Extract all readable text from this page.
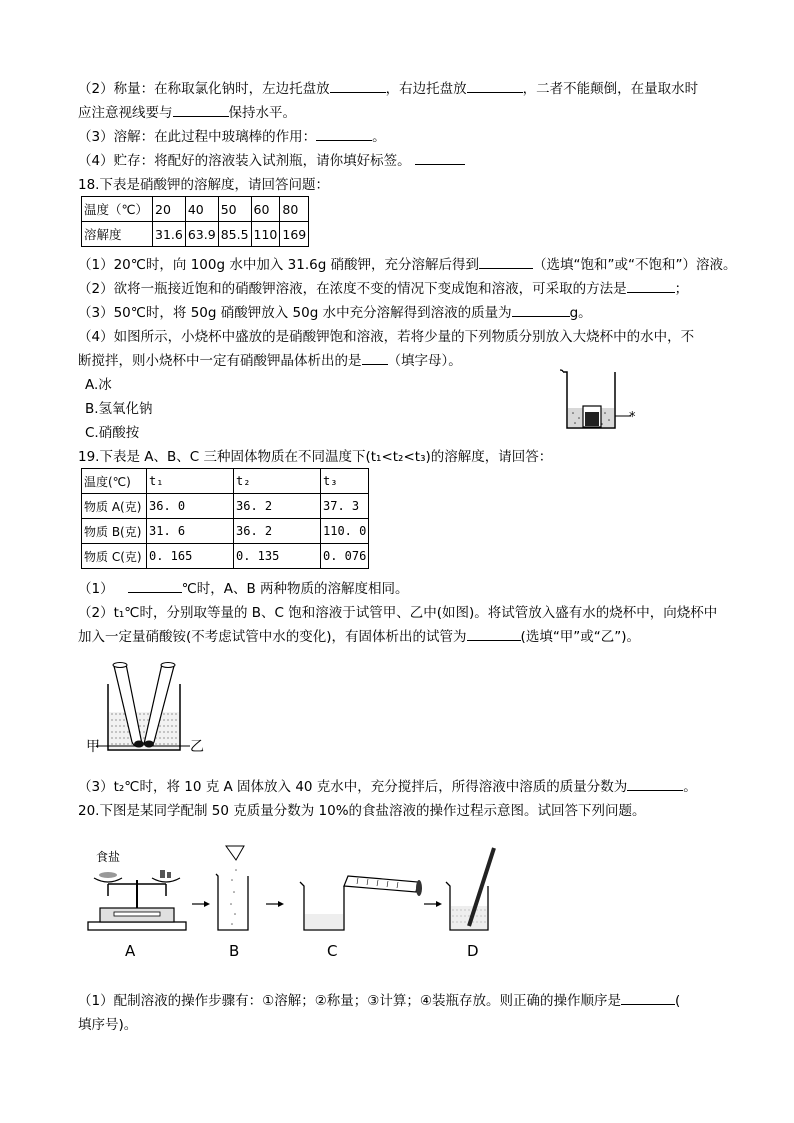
（2）称量：在称取氯化钠时，左边托盘放	，右边托盘放	，二者不能颠倒，在量取水时
应注意视线要与	保持水平。
（3）溶解：在此过程中玻璃棒的作用：	。
（4）贮存：将配好的溶液装入试剂瓶，请你填好标签。
18.下表是硝酸钾的溶解度，请回答问题：
温度（℃）	20	40	50	60	80
溶解度	31.6	63.9	85.5	110	169
（1）20℃时，向 100g 水中加入 31.6g 硝酸钾，充分溶解后得到	（选填“饱和”或“不饱和”）溶液。
（2）欲将一瓶接近饱和的硝酸钾溶液，在浓度不变的情况下变成饱和溶液，可采取的方法是	；
（3）50℃时，将 50g 硝酸钾放入 50g 水中充分溶解得到溶液的质量为	g。
（4）如图所示，小烧杯中盛放的是硝酸钾饱和溶液，若将少量的下列物质分别放入大烧杯中的水中，不
断搅拌，则小烧杯中一定有硝酸钾晶体析出的是 （填字母）。
A.冰
B.氢氧化钠
C.硝酸按
*
19.下表是 A、B、C 三种固体物质在不同温度下(t₁<t₂<t₃)的溶解度，请回答：
温度(℃)	t₁	t₂	t₃
物质 A(克)	36. 0	36. 2	37. 3
物质 B(克)	31. 6	36. 2	110. 0
物质 C(克)	0. 165	0. 135	0. 076
（1）	℃时，A、B 两种物质的溶解度相同。
（2）t₁℃时，分别取等量的 B、C 饱和溶液于试管甲、乙中(如图)。将试管放入盛有水的烧杯中，向烧杯中
加入一定量硝酸铵(不考虑试管中水的变化)，有固体析出的试管为	(选填“甲”或“乙”)。
甲	乙
（3）t₂℃时，将 10 克 A 固体放入 40 克水中，充分搅拌后，所得溶液中溶质的质量分数为	。
20.下图是某同学配制 50 克质量分数为 10%的食盐溶液的操作过程示意图。试回答下列问题。
食盐
A	B	C	D
（1）配制溶液的操作步骤有：①溶解；②称量；③计算；④装瓶存放。则正确的操作顺序是	(
填序号)。
